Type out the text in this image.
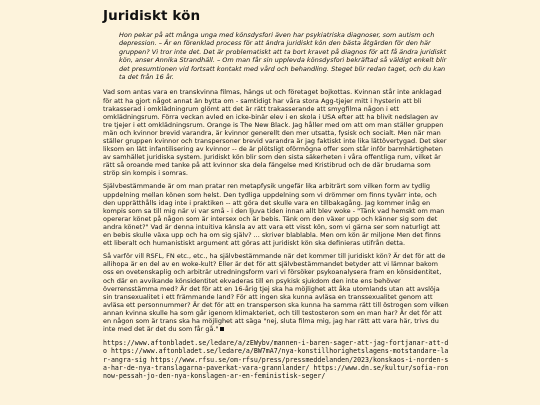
Juridiskt kön

Hon pekar på att många unga med könsdysfori även har psykiatriska diagnoser, som autism och depression. – Är en förenklad process för att ändra juridiskt kön den bästa åtgärden för den här gruppen? Vi tror inte det. Det är problematiskt att ta bort kravet på diagnos för att få ändra juridiskt kön, anser Annika Strandhäll. – Om man får sin upplevda könsdysfori bekräftad så väldigt enkelt blir det presumtionen vid fortsatt kontakt med vård och behandling. Steget blir redan taget, och du kan ta det från 16 år.

Vad som antas vara en transkvinna filmas, hängs ut och företaget bojkottas. Kvinnan står inte anklagad för att ha gjort något annat än bytta om - samtidigt har våra stora Agg-tjejer mitt i hysterin att bli trakasserad i omklädningrum glömt att det är rätt trakasserande att smygfilma någon i ett omklädningsrum. Förra veckan avled en icke-binär elev i en skola i USA efter att ha blivit nedslagen av tre tjejer i ett omklädningsrum. Orange is The New Black. Jag håller med om att om man ställer gruppen män och kvinnor brevid varandra, är kvinnor generellt den mer utsatta, fysisk och socialt. Men när man ställer gruppen kvinnor och transpersoner brevid varandra är jag faktiskt inte lika lättövertygad. Det sker liksom en lätt infantilisering av kvinnor -- de är plötsligt oförmögna offer som står inför barmhärtigheten av samhället juridiska system. Juridiskt kön blir som den sista säkerheten i våra offentliga rum, vilket är rätt så oroande med tanke på att kvinnor ska dela fängelse med Kristibrud och de där brudarna som ströp sin kompis i somras.

Självbestämmande är om man pratar ren metapfysik ungefär lika arbiträrt som vilken form av tydlig uppdelning mellan könen som helst. Den tydliga uppdelning som vi drömmer om finns tyvärr inte, och den upprätthålls idag inte i praktiken -- att göra det skulle vara en tillbakagång. Jag kommer inåg en kompis som sa till mig när vi var små - i den ljuva tiden innan allt blev woke - "Tänk vad hemskt om man opererar könet på någon som är intersex och är bebis. Tänk om den växer upp och känner sig som det andra könet?" Vad är denna intuitiva känsla av att vara ett visst kön, som vi gärna ser som naturligt att en bebis skulle växa upp och ha om sig själv? ... skriver blablabla. Men om kön är miljone Men det finns ett liberalt och humanistiskt argument att göras att juridiskt kön ska definieras utifrån detta.

Så varför vill RSFL, FN etc., etc., ha självbestämmande när det kommer till juridiskt kön? Är det för att de allihopa är en del av en woke-kult? Eller är det för att självbestämmandet betyder att vi lämnar bakom oss en ovetenskaplig och arbiträr utredningsform vari vi försöker psykoanalysera fram en könsidentitet, och där en avvikande könsidentitet ekvaderas till en psykisk sjukdom den inte ens behöver överrensstämma med? Är det för att en 16-årig tjej ska ha möjlighet att åka utomlands utan att avslöja sin transexualitet i ett främmande land? För att ingen ska kunna avläsa en transsexualitet genom att avläsa ett personnummer? Är det för att en transperson ska kunna ha samma rätt till östrogen som vilken annan kvinna skulle ha som går igenom klimakteriet, och till testosteron som en man har? Är det för att en någon som är trans ska ha möjlighet att säga "nej, sluta filma mig, jag har rätt att vara här, trivs du inte med det är det du som får gå."

https://www.aftonbladet.se/ledare/a/zEWybv/mannen-i-baren-sager-att-jag-fortjanar-att-do https://www.aftonbladet.se/ledare/a/BW7mA7/nya-konstillhorighetslagens-motstandare-lar-angra-sig https://www.rfsu.se/om-rfsu/press/pressmeddelanden/2023/konskaos-i-norden-sa-har-de-nya-translagarna-paverkat-vara-grannlander/ https://www.dn.se/kultur/sofia-ronnow-pessah-jo-den-nya-konslagen-ar-en-feministisk-seger/
